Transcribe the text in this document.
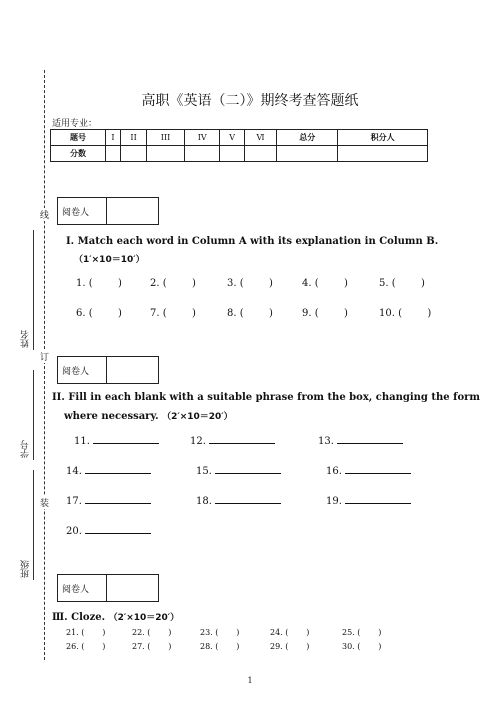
线
订
装
姓名
学号
班级
高职《英语（二）》期终考查答题纸
适用专业：
题号	I	II	III	IV	V	Ⅵ	总分	积分人
分数								
阅卷人
I. Match each word in Column A with its explanation in Column B.
（1′×10＝10′）
1. (        )	2. (        )	3. (        )	4. (        )	5. (        )
6. (        )	7. (        )	8. (        )	9. (        )	10. (        )
阅卷人
II. Fill in each blank with a suitable phrase from the box, changing the form
where necessary. （2′×10＝20′）
11.	12.	13.
14.	15.	16.
17.	18.	19.
20.
阅卷人
Ⅲ. Cloze. （2′×10＝20′）
21. (       )	22. (       )	23. (       )	24. (       )	25. (       )
26. (       )	27. (       )	28. (       )	29. (       )	30. (       )
1
